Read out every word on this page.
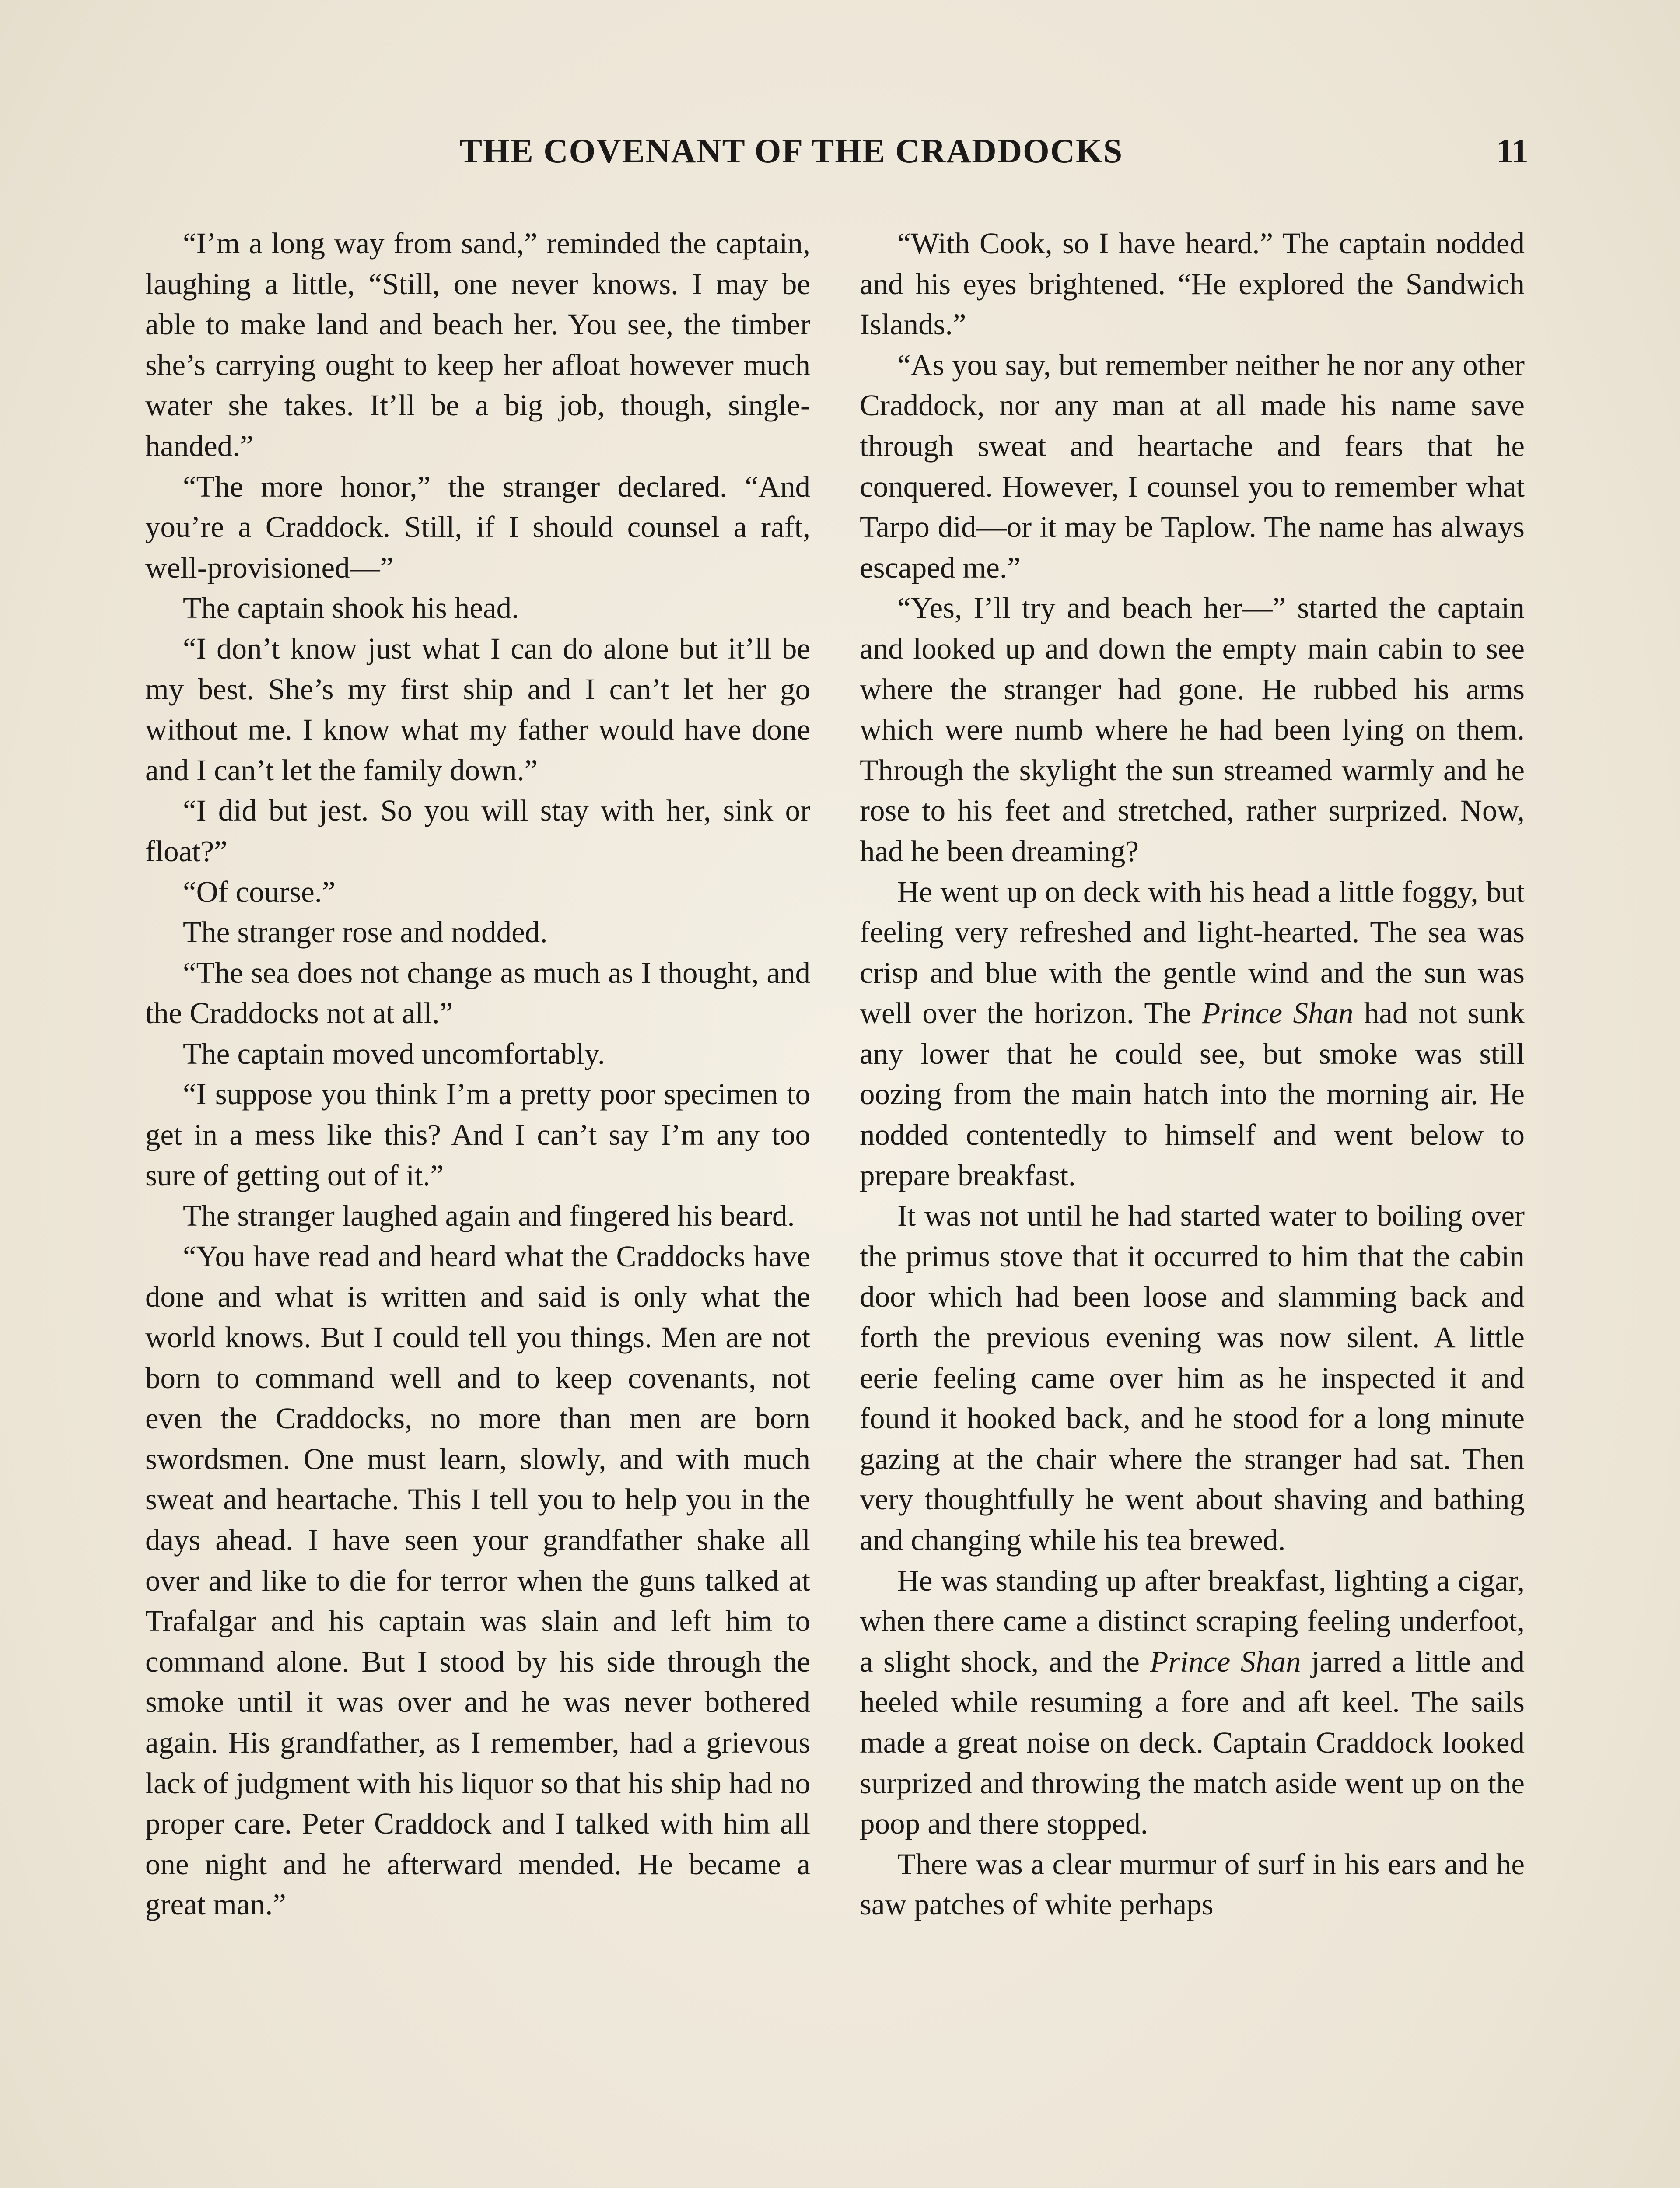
THE COVENANT OF THE CRADDOCKS	11

“I’m a long way from sand,” reminded the captain, laughing a little, “Still, one never knows. I may be able to make land and beach her. You see, the timber she’s carrying ought to keep her afloat however much water she takes. It’ll be a big job, though, single-handed.”

“The more honor,” the stranger declared. “And you’re a Craddock. Still, if I should counsel a raft, well-provisioned—”

The captain shook his head.

“I don’t know just what I can do alone but it’ll be my best. She’s my first ship and I can’t let her go without me. I know what my father would have done and I can’t let the family down.”

“I did but jest. So you will stay with her, sink or float?”

“Of course.”

The stranger rose and nodded.

“The sea does not change as much as I thought, and the Craddocks not at all.”

The captain moved uncomfortably.

“I suppose you think I’m a pretty poor specimen to get in a mess like this? And I can’t say I’m any too sure of getting out of it.”

The stranger laughed again and fingered his beard.

“You have read and heard what the Craddocks have done and what is written and said is only what the world knows. But I could tell you things. Men are not born to command well and to keep covenants, not even the Craddocks, no more than men are born swordsmen. One must learn, slowly, and with much sweat and heartache. This I tell you to help you in the days ahead. I have seen your grandfather shake all over and like to die for terror when the guns talked at Trafalgar and his captain was slain and left him to command alone. But I stood by his side through the smoke until it was over and he was never bothered again. His grandfather, as I remember, had a grievous lack of judgment with his liquor so that his ship had no proper care. Peter Craddock and I talked with him all one night and he afterward mended. He became a great man.”

“With Cook, so I have heard.” The captain nodded and his eyes brightened. “He explored the Sandwich Islands.”

“As you say, but remember neither he nor any other Craddock, nor any man at all made his name save through sweat and heartache and fears that he conquered. However, I counsel you to remember what Tarpo did—or it may be Taplow. The name has always escaped me.”

“Yes, I’ll try and beach her—” started the captain and looked up and down the empty main cabin to see where the stranger had gone. He rubbed his arms which were numb where he had been lying on them. Through the skylight the sun streamed warmly and he rose to his feet and stretched, rather surprized. Now, had he been dreaming?

He went up on deck with his head a little foggy, but feeling very refreshed and light-hearted. The sea was crisp and blue with the gentle wind and the sun was well over the horizon. The Prince Shan had not sunk any lower that he could see, but smoke was still oozing from the main hatch into the morning air. He nodded contentedly to himself and went below to prepare breakfast.

It was not until he had started water to boiling over the primus stove that it occurred to him that the cabin door which had been loose and slamming back and forth the previous evening was now silent. A little eerie feeling came over him as he inspected it and found it hooked back, and he stood for a long minute gazing at the chair where the stranger had sat. Then very thoughtfully he went about shaving and bathing and changing while his tea brewed.

He was standing up after breakfast, lighting a cigar, when there came a distinct scraping feeling underfoot, a slight shock, and the Prince Shan jarred a little and heeled while resuming a fore and aft keel. The sails made a great noise on deck. Captain Craddock looked surprized and throwing the match aside went up on the poop and there stopped.

There was a clear murmur of surf in his ears and he saw patches of white perhaps
